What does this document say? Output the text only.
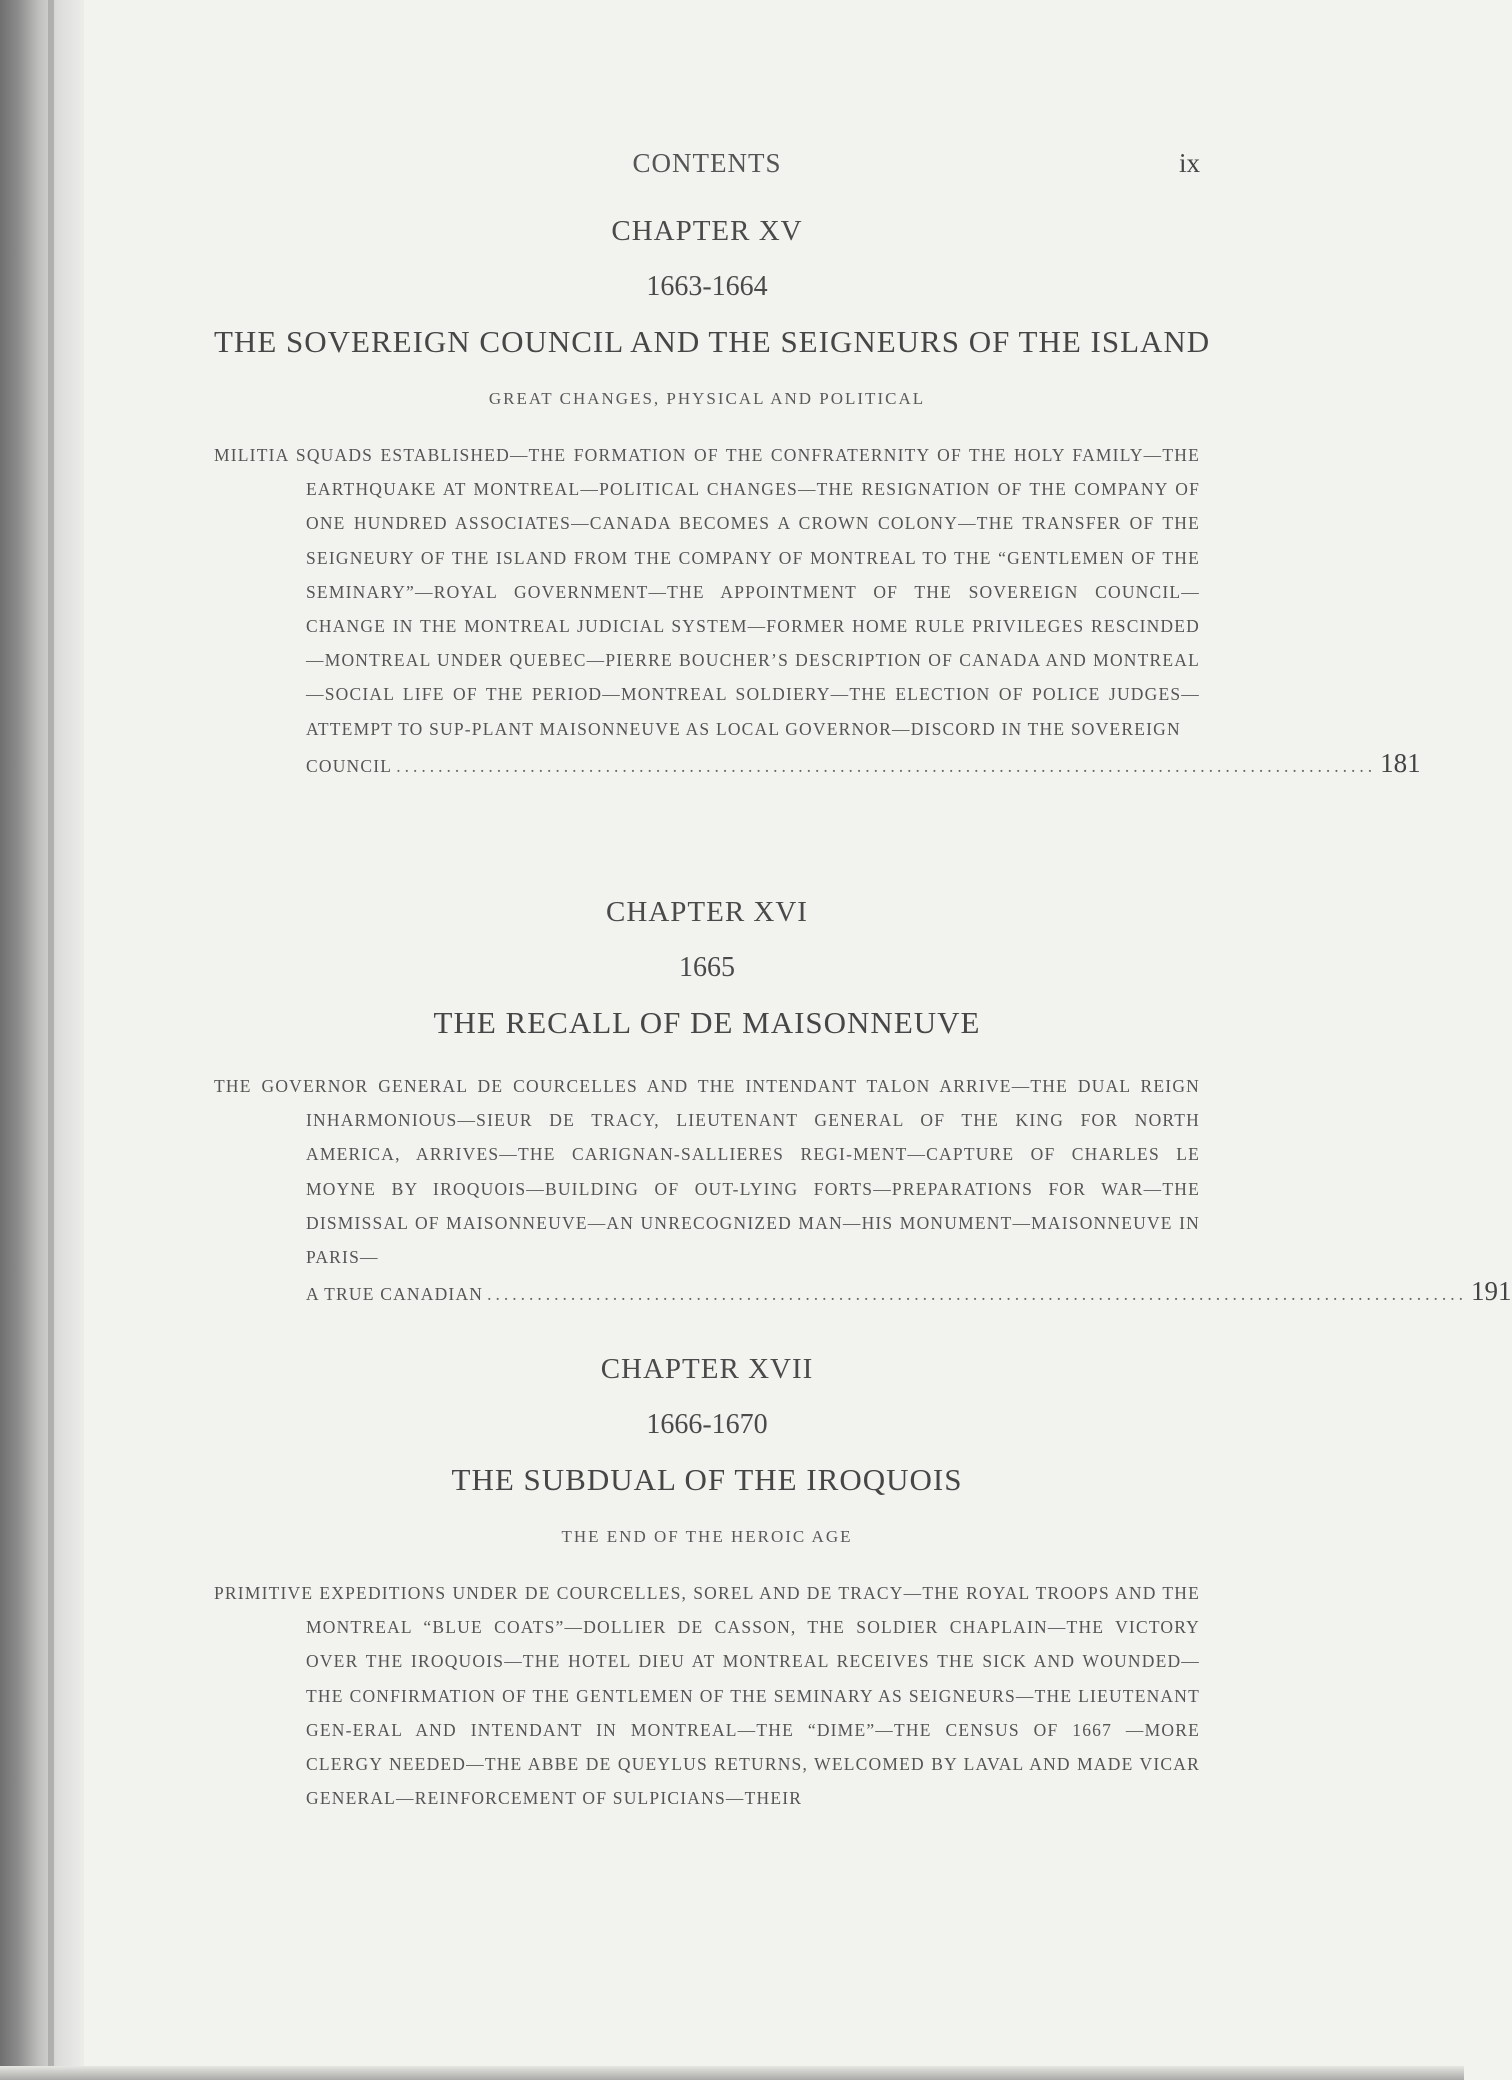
CONTENTS	ix
CHAPTER XV
1663-1664
THE SOVEREIGN COUNCIL AND THE SEIGNEURS OF THE ISLAND
GREAT CHANGES, PHYSICAL AND POLITICAL
MILITIA SQUADS ESTABLISHED—THE FORMATION OF THE CONFRATERNITY OF THE HOLY FAMILY—THE EARTHQUAKE AT MONTREAL—POLITICAL CHANGES—THE RESIGNATION OF THE COMPANY OF ONE HUNDRED ASSOCIATES—CANADA BECOMES A CROWN COLONY—THE TRANSFER OF THE SEIGNEURY OF THE ISLAND FROM THE COMPANY OF MONTREAL TO THE “GENTLEMEN OF THE SEMINARY”—ROYAL GOVERNMENT—THE APPOINTMENT OF THE SOVEREIGN COUNCIL—CHANGE IN THE MONTREAL JUDICIAL SYSTEM—FORMER HOME RULE PRIVILEGES RESCINDED—MONTREAL UNDER QUEBEC—PIERRE BOUCHER’S DESCRIPTION OF CANADA AND MONTREAL—SOCIAL LIFE OF THE PERIOD—MONTREAL SOLDIERY—THE ELECTION OF POLICE JUDGES—ATTEMPT TO SUP-PLANT MAISONNEUVE AS LOCAL GOVERNOR—DISCORD IN THE SOVEREIGN
COUNCIL ..................................................................................................................... 181
CHAPTER XVI
1665
THE RECALL OF DE MAISONNEUVE
THE GOVERNOR GENERAL DE COURCELLES AND THE INTENDANT TALON ARRIVE—THE DUAL REIGN INHARMONIOUS—SIEUR DE TRACY, LIEUTENANT GENERAL OF THE KING FOR NORTH AMERICA, ARRIVES—THE CARIGNAN-SALLIERES REGI-MENT—CAPTURE OF CHARLES LE MOYNE BY IROQUOIS—BUILDING OF OUT-LYING FORTS—PREPARATIONS FOR WAR—THE DISMISSAL OF MAISONNEUVE—AN UNRECOGNIZED MAN—HIS MONUMENT—MAISONNEUVE IN PARIS—
A TRUE CANADIAN ..................................................................................................................... 191
CHAPTER XVII
1666-1670
THE SUBDUAL OF THE IROQUOIS
THE END OF THE HEROIC AGE
PRIMITIVE EXPEDITIONS UNDER DE COURCELLES, SOREL AND DE TRACY—THE ROYAL TROOPS AND THE MONTREAL “BLUE COATS”—DOLLIER DE CASSON, THE SOLDIER CHAPLAIN—THE VICTORY OVER THE IROQUOIS—THE HOTEL DIEU AT MONTREAL RECEIVES THE SICK AND WOUNDED—THE CONFIRMATION OF THE GENTLEMEN OF THE SEMINARY AS SEIGNEURS—THE LIEUTENANT GEN-ERAL AND INTENDANT IN MONTREAL—THE “DIME”—THE CENSUS OF 1667 —MORE CLERGY NEEDED—THE ABBE DE QUEYLUS RETURNS, WELCOMED BY LAVAL AND MADE VICAR GENERAL—REINFORCEMENT OF SULPICIANS—THEIR
